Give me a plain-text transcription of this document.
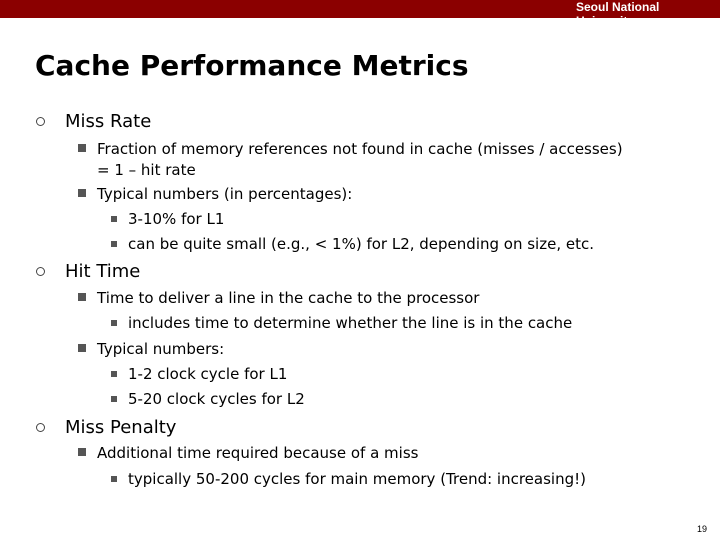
Seoul National University
Cache Performance Metrics
Miss Rate
Fraction of memory references not found in cache (misses / accesses)
= 1 – hit rate
Typical numbers (in percentages):
3-10% for L1
can be quite small (e.g., < 1%) for L2, depending on size, etc.
Hit Time
Time to deliver a line in the cache to the processor
includes time to determine whether the line is in the cache
Typical numbers:
1-2 clock cycle for L1
5-20 clock cycles for L2
Miss Penalty
Additional time required because of a miss
typically 50-200 cycles for main memory (Trend: increasing!)
19
